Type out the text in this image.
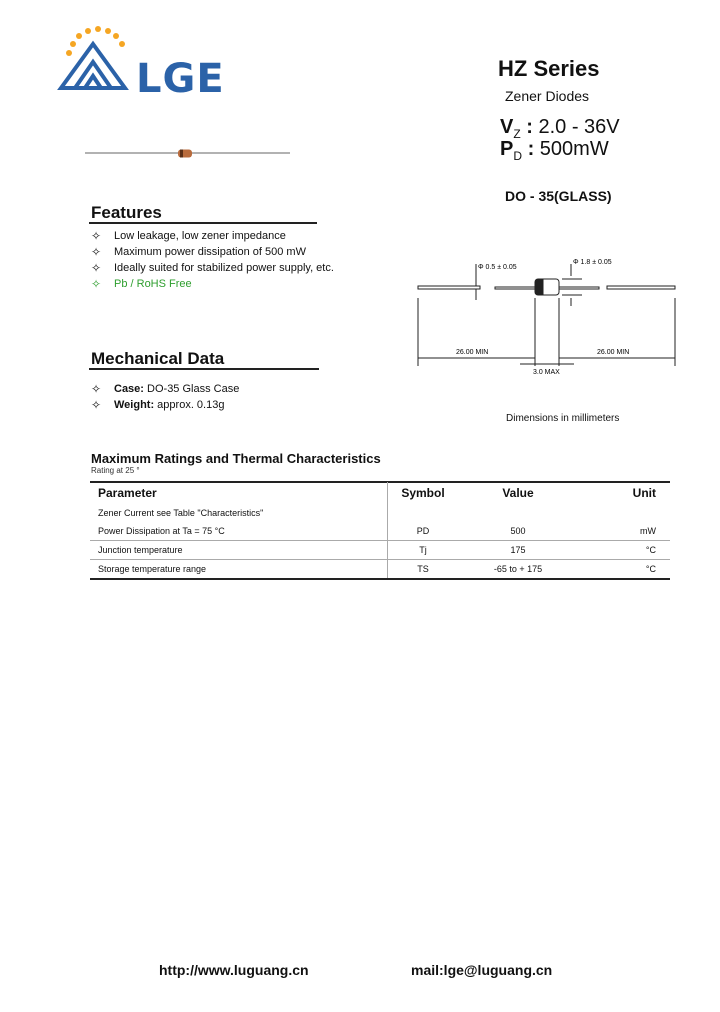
LGE	HZ Series
Zener Diodes
$V_Z$ : 2.0 - 36V
$P_D$ : 500mW
DO - 35(GLASS)
Features
✧ Low leakage, low zener impedance
✧ Maximum power dissipation of 500 mW
✧ Ideally suited for stabilized power supply, etc.
✧ Pb / RoHS Free
Mechanical Data
✧ Case: DO-35 Glass Case
✧ Weight: approx. 0.13g
Φ 0.5 ± 0.05
Φ 1.8 ± 0.05
26.00 MIN	26.00 MIN
3.0 MAX
Dimensions in millimeters
Maximum Ratings and Thermal Characteristics
Rating at 25 °
Parameter	Symbol	Value	Unit
Zener Current see Table "Characteristics"			
Power Dissipation at Ta = 75 °C	PD	500	mW
Junction temperature	Tj	175	°C
Storage temperature range	TS	-65 to + 175	°C
http://www.luguang.cn	mail:lge@luguang.cn
